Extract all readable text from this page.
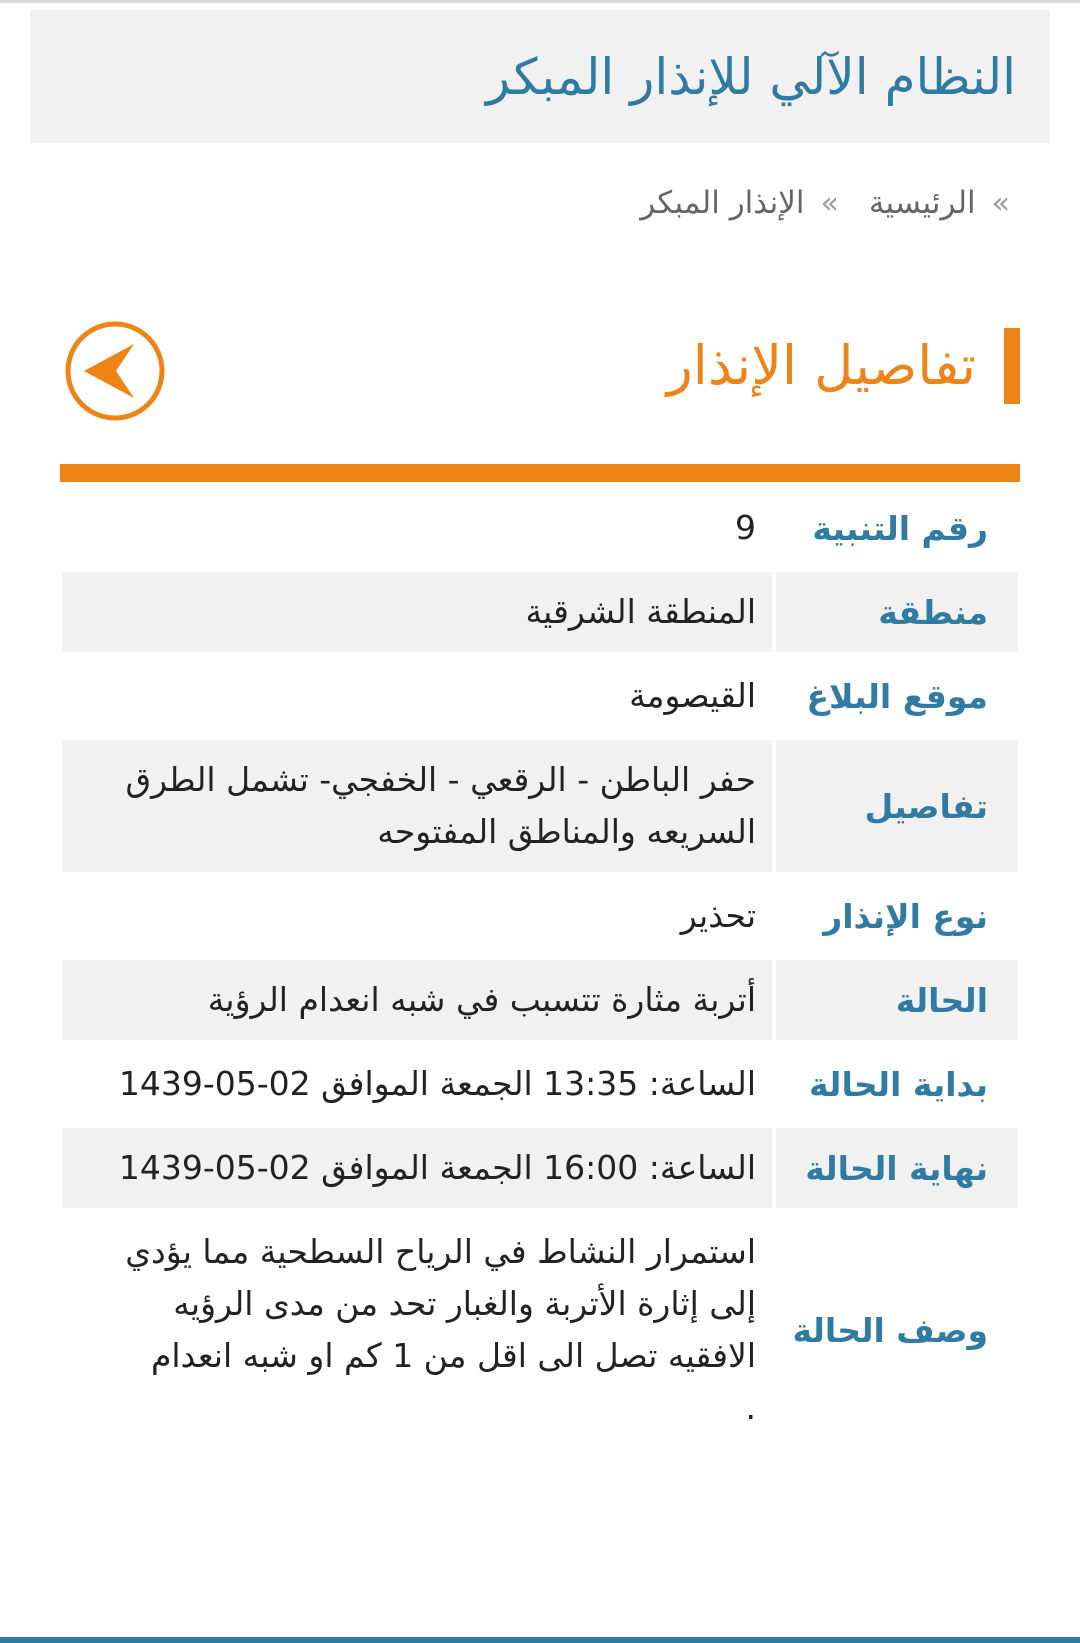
النظام الآلي للإنذار المبكر
»
الرئيسية
»
الإنذار المبكر
تفاصيل الإنذار
رقم التنبية	9
منطقة	المنطقة الشرقية
موقع البلاغ	القيصومة
تفاصيل	حفر الباطن - الرقعي - الخفجي- تشمل الطرق
السريعه والمناطق المفتوحه

نوع الإنذار	تحذير
الحالة	أتربة مثارة تتسبب في شبه انعدام الرؤية
بداية الحالة	الساعة: 13:35 الجمعة الموافق 02-05-1439
نهاية الحالة	الساعة: 16:00 الجمعة الموافق 02-05-1439
وصف الحالة	استمرار النشاط في الرياح السطحية مما يؤدي
إلى إثارة الأتربة والغبار تحد من مدى الرؤيه
الافقيه تصل الى اقل من 1 كم او شبه انعدام
.
